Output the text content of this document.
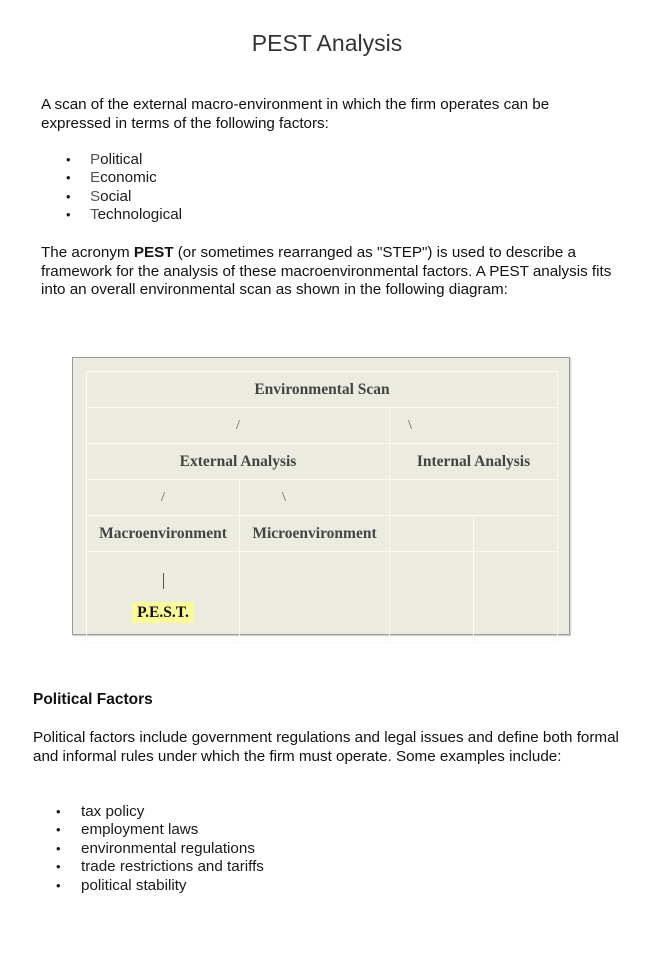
PEST Analysis

A scan of the external macro-environment in which the firm operates can be expressed in terms of the following factors:

• Political
• Economic
• Social
• Technological

The acronym PEST (or sometimes rearranged as "STEP") is used to describe a framework for the analysis of these macroenvironmental factors. A PEST analysis fits into an overall environmental scan as shown in the following diagram:

Environmental Scan			
/		\	
External Analysis		Internal Analysis	
/	\		
Macroenvironment	Microenvironment		

P.E.S.T.			
Political Factors

Political factors include government regulations and legal issues and define both formal and informal rules under which the firm must operate. Some examples include:

• tax policy
• employment laws
• environmental regulations
• trade restrictions and tariffs
• political stability
